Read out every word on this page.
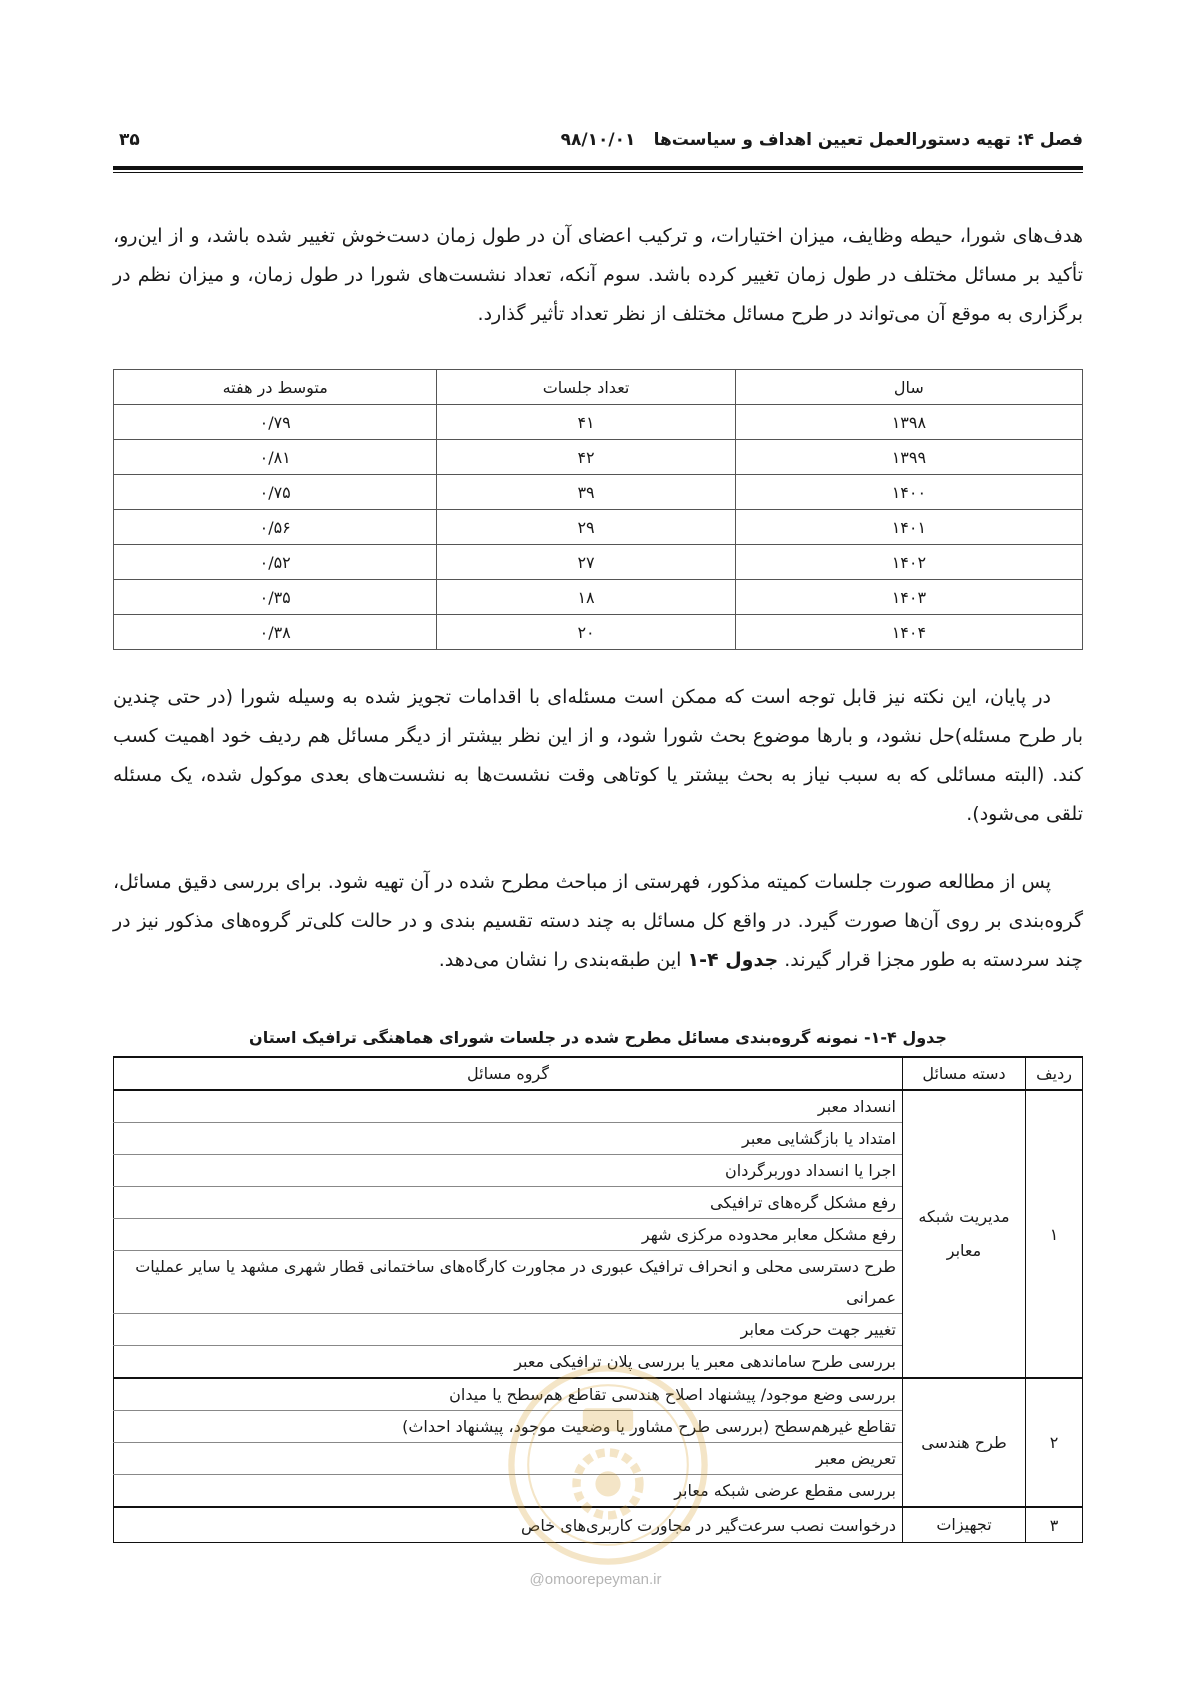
فصل ۴: تهیه دستورالعمل تعیین اهداف و سیاست‌ها
۹۸/۱۰/۰۱
۳۵
هدف‌های شورا، حیطه وظایف، میزان اختیارات، و ترکیب اعضای آن در طول زمان دست‌خوش تغییر شده باشد، و از این‌رو، تأکید بر مسائل مختلف در طول زمان تغییر کرده باشد. سوم آنکه، تعداد نشست‌های شورا در طول زمان، و میزان نظم در برگزاری به موقع آن می‌تواند در طرح مسائل مختلف از نظر تعداد تأثیر گذارد.
سال	تعداد جلسات	متوسط در هفته
۱۳۹۸	۴۱	۰/۷۹
۱۳۹۹	۴۲	۰/۸۱
۱۴۰۰	۳۹	۰/۷۵
۱۴۰۱	۲۹	۰/۵۶
۱۴۰۲	۲۷	۰/۵۲
۱۴۰۳	۱۸	۰/۳۵
۱۴۰۴	۲۰	۰/۳۸
در پایان، این نکته نیز قابل توجه است که ممکن است مسئله‌ای با اقدامات تجویز شده به وسیله شورا (در حتی چندین بار طرح مسئله)حل نشود، و بارها موضوع بحث شورا شود، و از این نظر بیشتر از دیگر مسائل هم ردیف خود اهمیت کسب کند. (البته مسائلی که به سبب نیاز به بحث بیشتر یا کوتاهی وقت نشست‌ها به نشست‌های بعدی موکول شده، یک مسئله تلقی می‌شود).
پس از مطالعه صورت جلسات کمیته مذکور، فهرستی از مباحث مطرح شده در آن تهیه شود. برای بررسی دقیق مسائل، گروه‌بندی بر روی آن‌ها صورت گیرد. در واقع کل مسائل به چند دسته تقسیم بندی و در حالت کلی‌تر گروه‌های مذکور نیز در چند سردسته به طور مجزا قرار گیرند. جدول ۴-۱ این طبقه‌بندی را نشان می‌دهد.
جدول ۴-۱- نمونه گروه‌بندی مسائل مطرح شده در جلسات شورای هماهنگی ترافیک استان
ردیف	دسته مسائل	گروه مسائل
۱	مدیریت شبکه معابر	انسداد معبر
		امتداد یا بازگشایی معبر
		اجرا یا انسداد دوربرگردان
		رفع مشکل گره‌های ترافیکی
		رفع مشکل معابر محدوده مرکزی شهر
		طرح دسترسی محلی و انحراف ترافیک عبوری در مجاورت کارگاه‌های ساختمانی قطار شهری مشهد یا سایر عملیات عمرانی
		تغییر جهت حرکت معابر
		بررسی طرح ساماندهی معبر یا بررسی پلان ترافیکی معبر
۲	طرح هندسی	بررسی وضع موجود/ پیشنهاد اصلاح هندسی تقاطع هم‌سطح یا میدان
		تقاطع غیرهم‌سطح (بررسی طرح مشاور یا وضعیت موجود، پیشنهاد احداث)
		تعریض معبر
		بررسی مقطع عرضی شبکه معابر
۳	تجهیزات	درخواست نصب سرعت‌گیر در مجاورت کاربری‌های خاص
@omoorepeyman.ir
